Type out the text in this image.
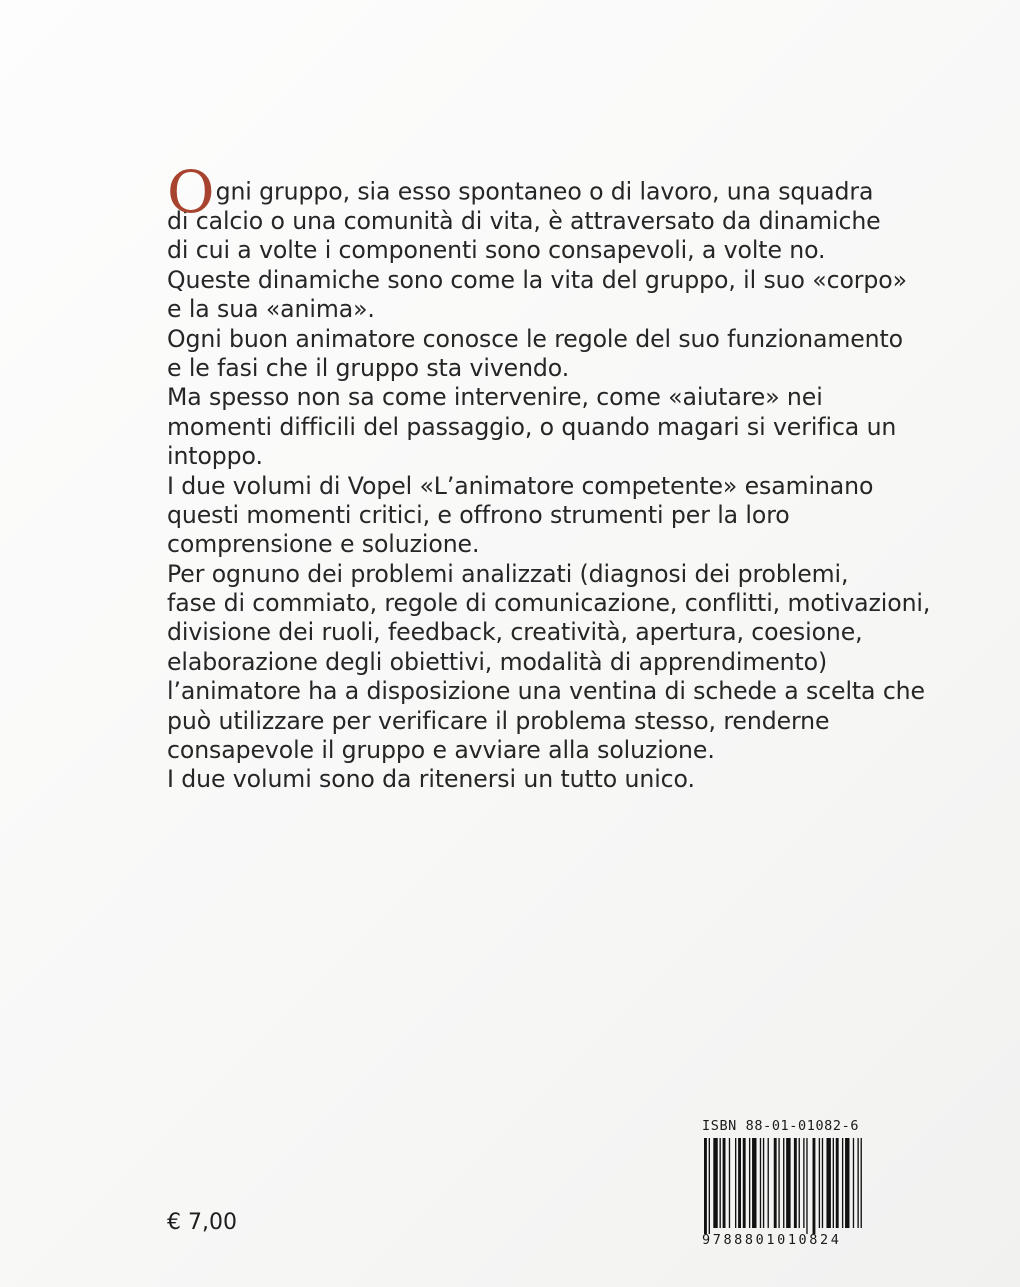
Ogni gruppo, sia esso spontaneo o di lavoro, una squadra
di calcio o una comunità di vita, è attraversato da dinamiche
di cui a volte i componenti sono consapevoli, a volte no.
Queste dinamiche sono come la vita del gruppo, il suo «corpo»
e la sua «anima».
Ogni buon animatore conosce le regole del suo funzionamento
e le fasi che il gruppo sta vivendo.
Ma spesso non sa come intervenire, come «aiutare» nei
momenti difficili del passaggio, o quando magari si verifica un
intoppo.
I due volumi di Vopel «L’animatore competente» esaminano
questi momenti critici, e offrono strumenti per la loro
comprensione e soluzione.
Per ognuno dei problemi analizzati (diagnosi dei problemi,
fase di commiato, regole di comunicazione, conflitti, motivazioni,
divisione dei ruoli, feedback, creatività, apertura, coesione,
elaborazione degli obiettivi, modalità di apprendimento)
l’animatore ha a disposizione una ventina di schede a scelta che
può utilizzare per verificare il problema stesso, renderne
consapevole il gruppo e avviare alla soluzione.
I due volumi sono da ritenersi un tutto unico.
€ 7,00
ISBN 88-01-01082-6
9788801010824
